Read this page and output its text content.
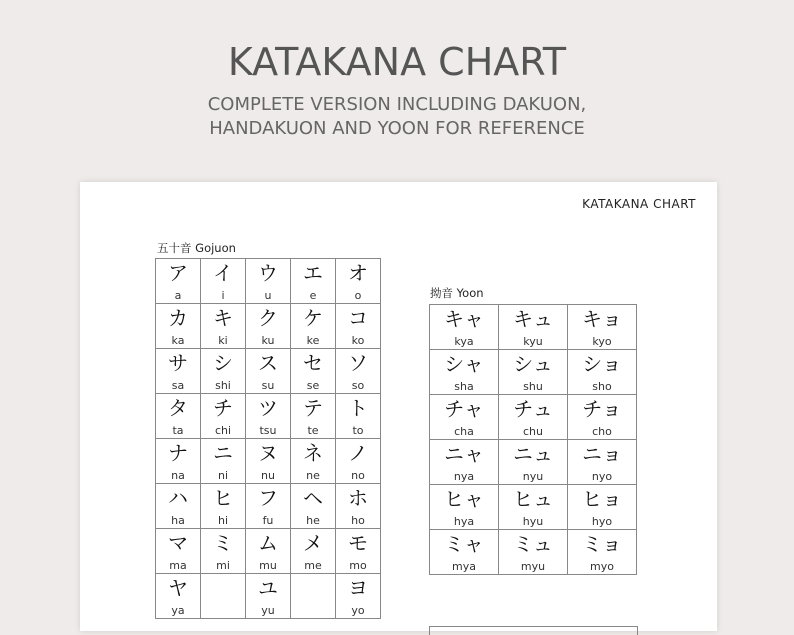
KATAKANA CHART

COMPLETE VERSION INCLUDING DAKUON,

HANDAKUON AND YOON FOR REFERENCE

KATAKANA CHART
五十音 Gojuon
ア
a	イ
i	ウ
u	エ
e	オ
o

カ
ka	キ
ki	ク
ku	ケ
ke	コ
ko

サ
sa	シ
shi	ス
su	セ
se	ソ
so

タ
ta	チ
chi	ツ
tsu	テ
te	ト
to

ナ
na	ニ
ni	ヌ
nu	ネ
ne	ノ
no

ハ
ha	ヒ
hi	フ
fu	ヘ
he	ホ
ho

マ
ma	ミ
mi	ム
mu	メ
me	モ
mo

ヤ
ya		ユ
yu		ヨ
yo
拗音 Yoon
キャ
kya	キュ
kyu	キョ
kyo

シャ
sha	シュ
shu	ショ
sho

チャ
cha	チュ
chu	チョ
cho

ニャ
nya	ニュ
nyu	ニョ
nyo

ヒャ
hya	ヒュ
hyu	ヒョ
hyo

ミャ
mya	ミュ
myu	ミョ
myo
